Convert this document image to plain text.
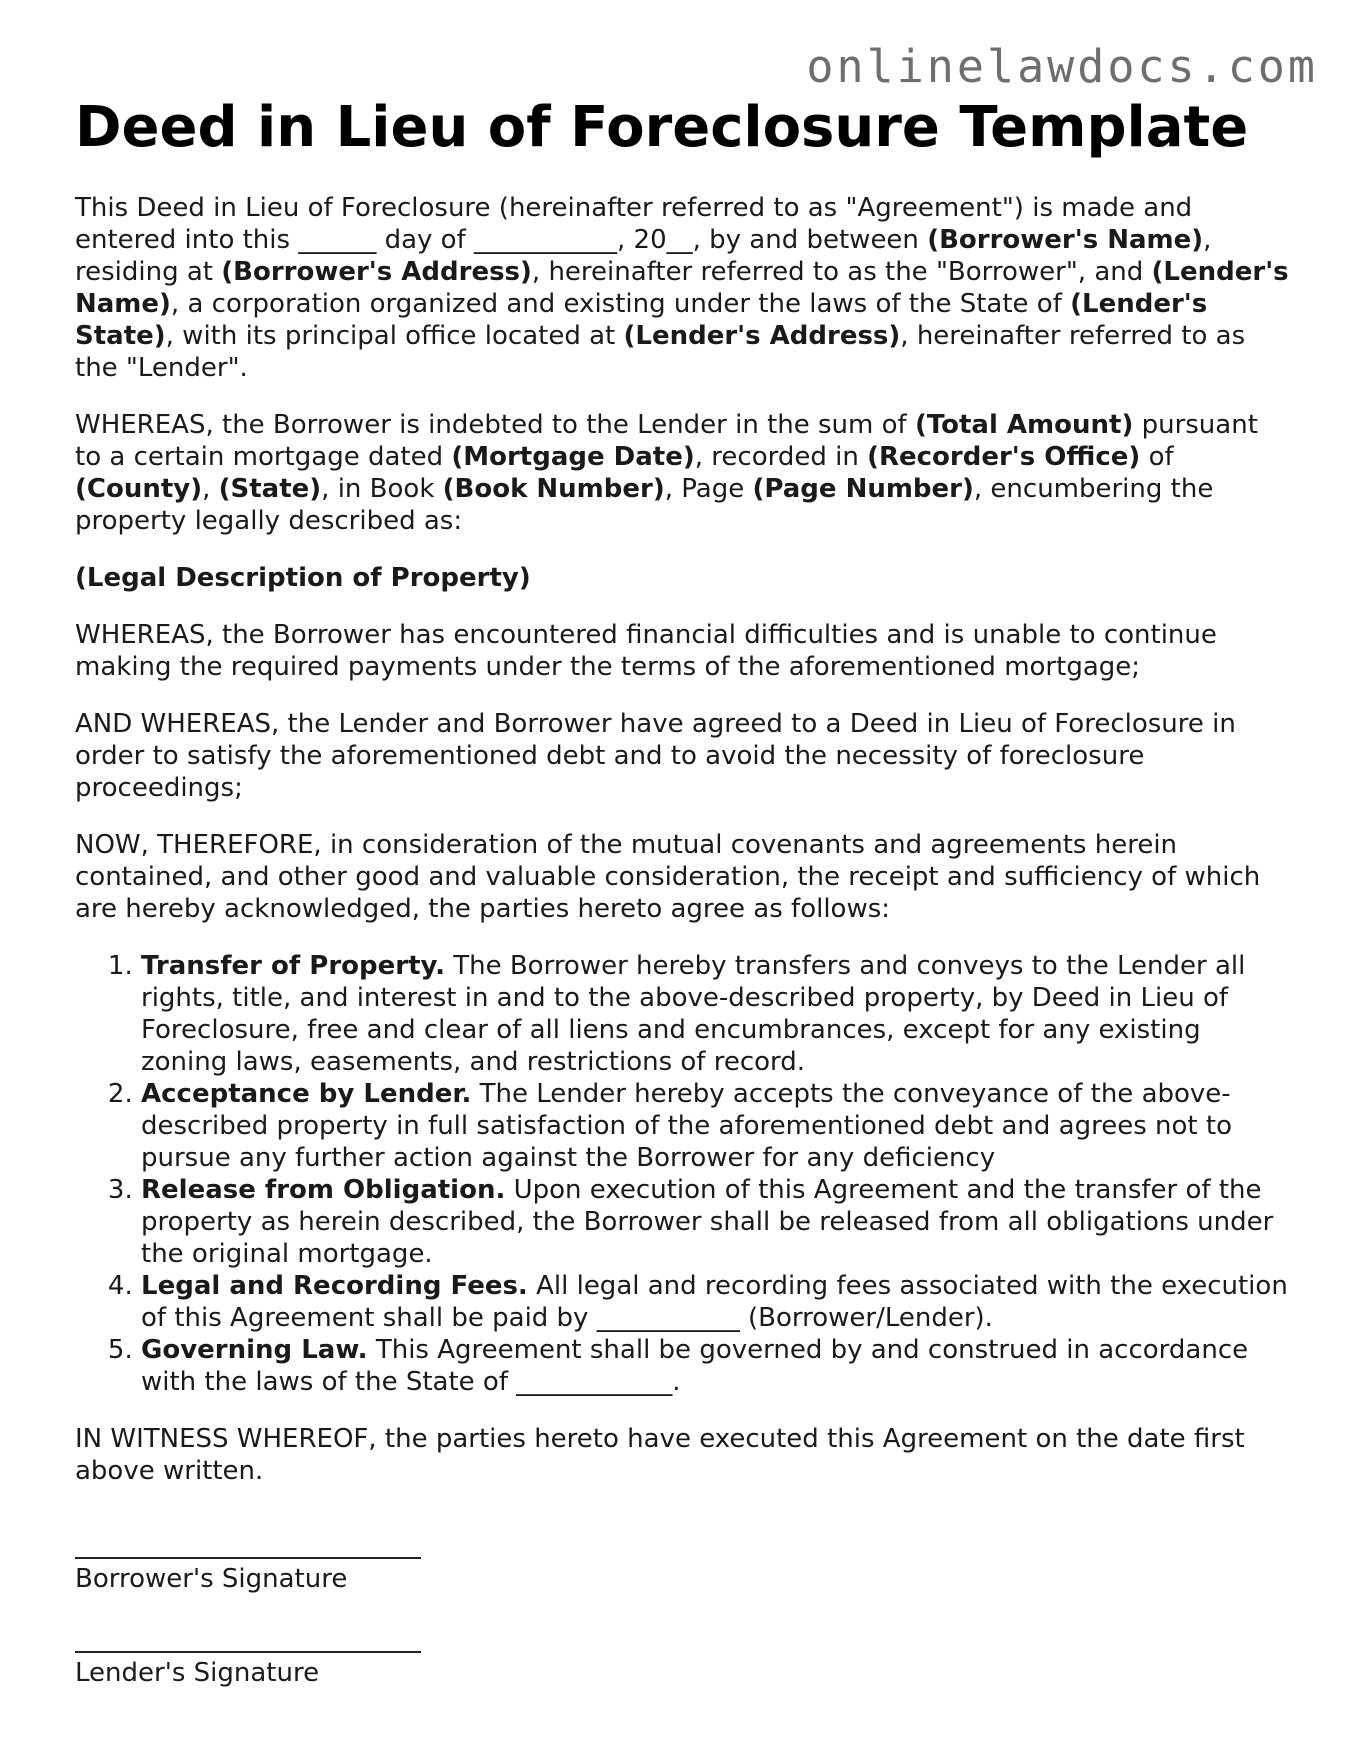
onlinelawdocs.com
Deed in Lieu of Foreclosure Template

This Deed in Lieu of Foreclosure (hereinafter referred to as "Agreement") is made and entered into this ______ day of ___________, 20__, by and between (Borrower's Name), residing at (Borrower's Address), hereinafter referred to as the "Borrower", and (Lender's Name), a corporation organized and existing under the laws of the State of (Lender's State), with its principal office located at (Lender's Address), hereinafter referred to as the "Lender".

WHEREAS, the Borrower is indebted to the Lender in the sum of (Total Amount) pursuant to a certain mortgage dated (Mortgage Date), recorded in (Recorder's Office) of (County), (State), in Book (Book Number), Page (Page Number), encumbering the property legally described as:

(Legal Description of Property)

WHEREAS, the Borrower has encountered financial difficulties and is unable to continue making the required payments under the terms of the aforementioned mortgage;

AND WHEREAS, the Lender and Borrower have agreed to a Deed in Lieu of Foreclosure in order to satisfy the aforementioned debt and to avoid the necessity of foreclosure proceedings;

NOW, THEREFORE, in consideration of the mutual covenants and agreements herein contained, and other good and valuable consideration, the receipt and sufficiency of which are hereby acknowledged, the parties hereto agree as follows:

1. Transfer of Property. The Borrower hereby transfers and conveys to the Lender all rights, title, and interest in and to the above-described property, by Deed in Lieu of Foreclosure, free and clear of all liens and encumbrances, except for any existing zoning laws, easements, and restrictions of record.
2. Acceptance by Lender. The Lender hereby accepts the conveyance of the above-described property in full satisfaction of the aforementioned debt and agrees not to pursue any further action against the Borrower for any deficiency
3. Release from Obligation. Upon execution of this Agreement and the transfer of the property as herein described, the Borrower shall be released from all obligations under the original mortgage.
4. Legal and Recording Fees. All legal and recording fees associated with the execution of this Agreement shall be paid by ___________ (Borrower/Lender).
5. Governing Law. This Agreement shall be governed by and construed in accordance with the laws of the State of ____________.

IN WITNESS WHEREOF, the parties hereto have executed this Agreement on the date first above written.

Borrower's Signature
Lender's Signature
